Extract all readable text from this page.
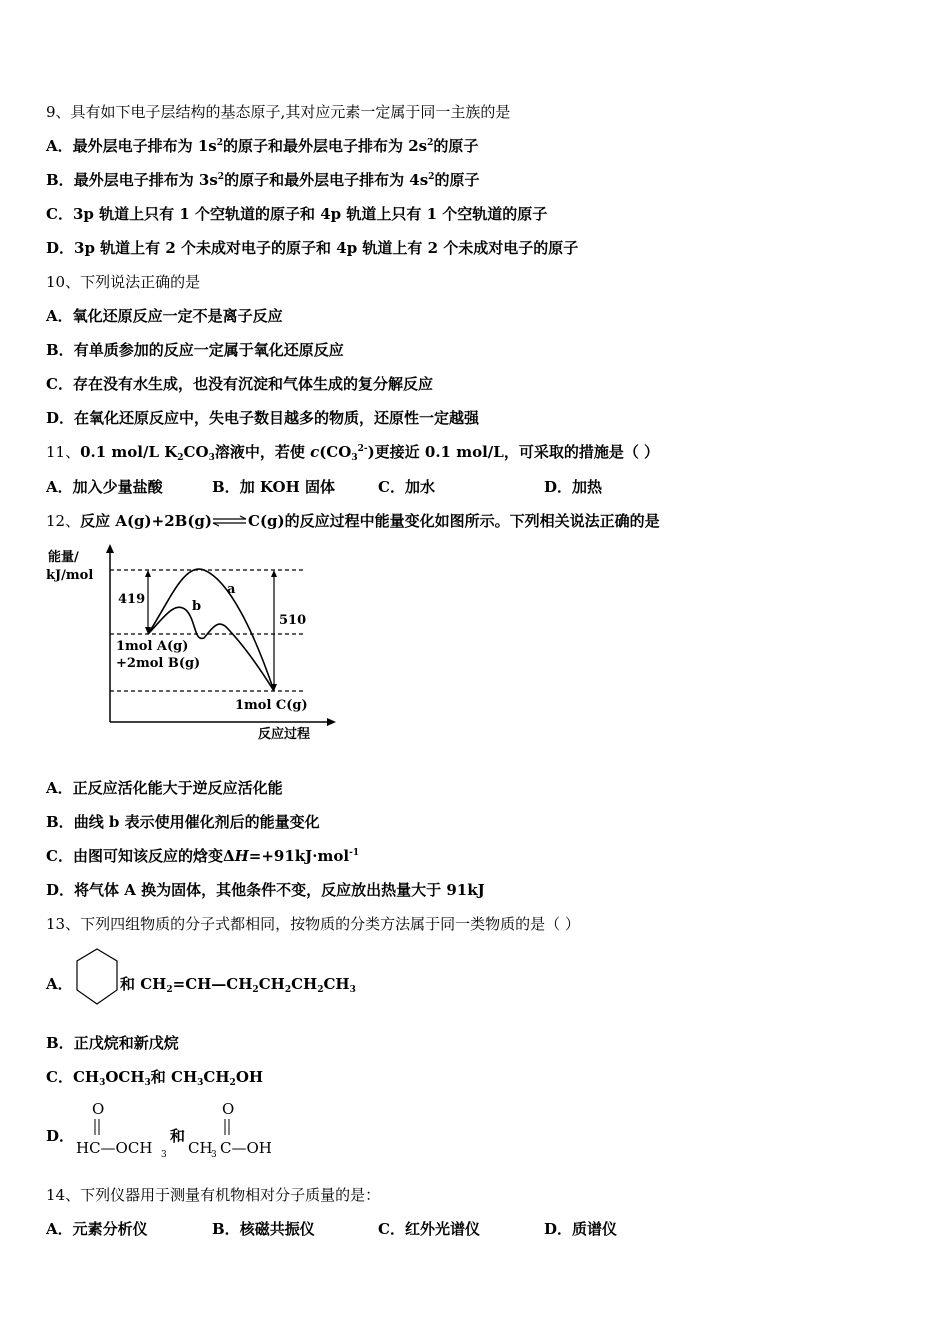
9、具有如下电子层结构的基态原子,其对应元素一定属于同一主族的是
A．最外层电子排布为 $1s^2$的原子和最外层电子排布为 $2s^2$的原子
B．最外层电子排布为 $3s^2$的原子和最外层电子排布为 $4s^2$的原子
C．3p 轨道上只有 1 个空轨道的原子和 4p 轨道上只有 1 个空轨道的原子
D．3p 轨道上有 2 个未成对电子的原子和 4p 轨道上有 2 个未成对电子的原子
10、下列说法正确的是
A．氧化还原反应一定不是离子反应
B．有单质参加的反应一定属于氧化还原反应
C．存在没有水生成，也没有沉淀和气体生成的复分解反应
D．在氧化还原反应中，失电子数目越多的物质，还原性一定越强
11、0.1 mol/L $K_2CO_3$溶液中，若使 $c(CO_3^{2-})$更接近 0.1 mol/L，可采取的措施是（ ）
A．加入少量盐酸	B．加 KOH 固体	C．加水	D．加热
12、反应 A(g)+2B(g)⇌C(g)的反应过程中能量变化如图所示。下列相关说法正确的是
能量/
kJ/mol
419
510
a
b
1mol A(g)
+2mol B(g)
1mol C(g)
反应过程
A．正反应活化能大于逆反应活化能
B．曲线 b 表示使用催化剂后的能量变化
C．由图可知该反应的焓变ΔH=+91kJ·mol$^{-1}$
D．将气体 A 换为固体，其他条件不变，反应放出热量大于 91kJ
13、下列四组物质的分子式都相同，按物质的分类方法属于同一类物质的是（ ）
A．	和 $CH_2=CH—CH_2CH_2CH_2CH_3$
B．正戊烷和新戊烷
C．$CH_3OCH_3$和 $CH_3CH_2OH$
D．
O
HC—OCH 3
和
O
CH
3 C—OH
14、下列仪器用于测量有机物相对分子质量的是：
A．元素分析仪	B．核磁共振仪	C．红外光谱仪	D．质谱仪
